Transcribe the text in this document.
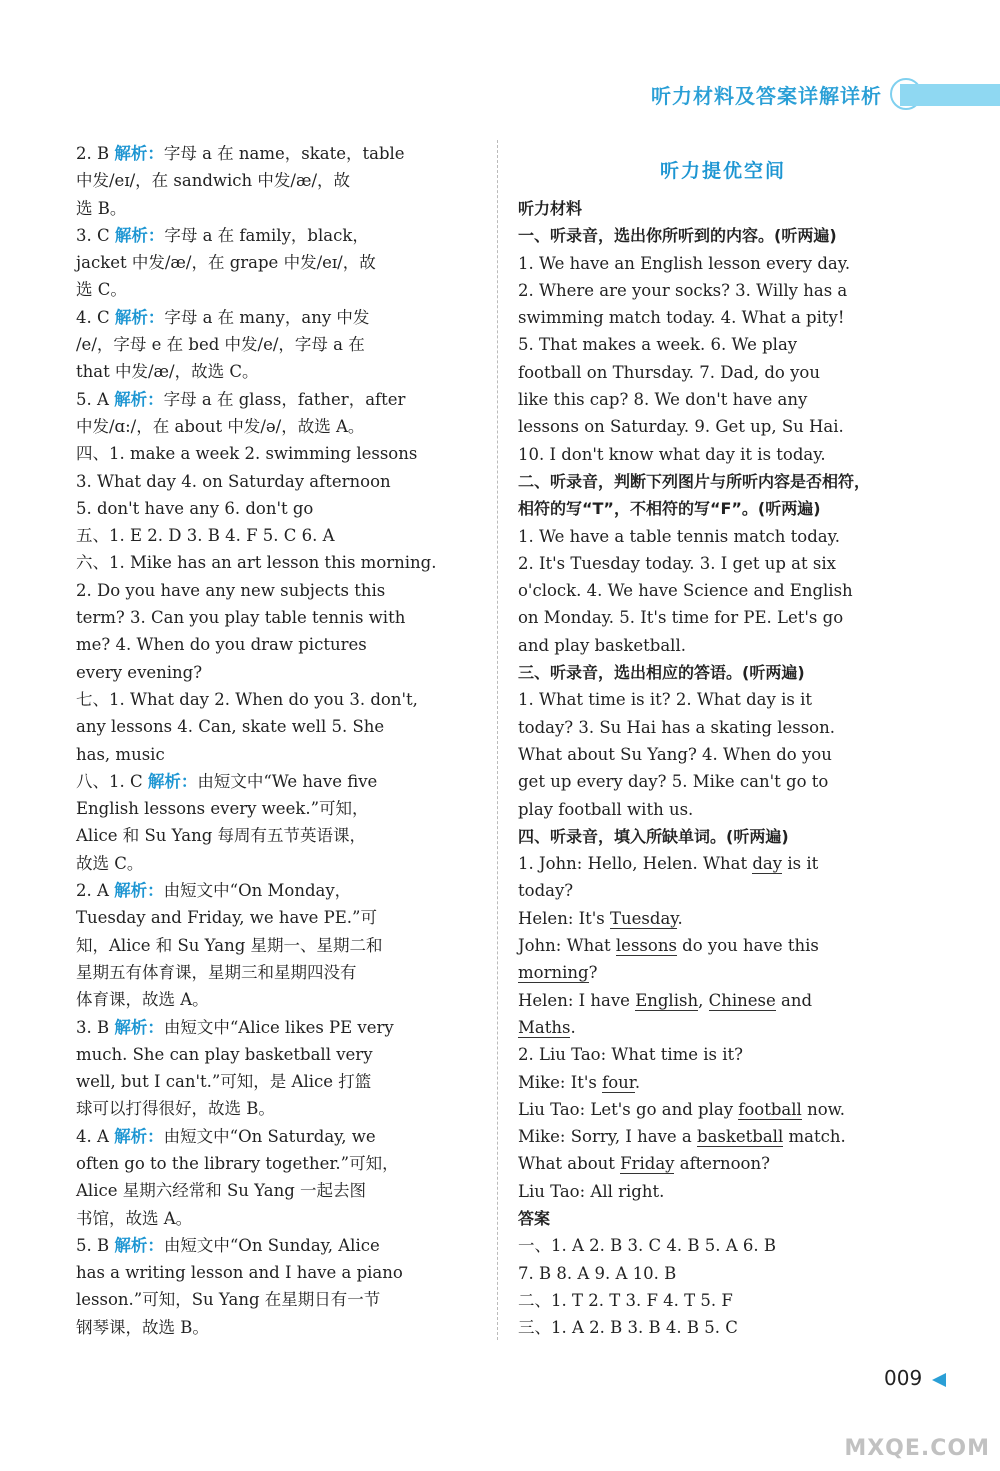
听力材料及答案详解详析
2. B 解析：字母 a 在 name，skate，table
中发/eɪ/，在 sandwich 中发/æ/，故
选 B。
3. C 解析：字母 a 在 family，black，
jacket 中发/æ/，在 grape 中发/eɪ/，故
选 C。
4. C 解析：字母 a 在 many，any 中发
/e/，字母 e 在 bed 中发/e/，字母 a 在
that 中发/æ/，故选 C。
5. A 解析：字母 a 在 glass，father，after
中发/ɑ:/，在 about 中发/ə/，故选 A。
四、1. make a week 2. swimming lessons
3. What day 4. on Saturday afternoon
5. don't have any 6. don't go
五、1. E 2. D 3. B 4. F 5. C 6. A
六、1. Mike has an art lesson this morning.
2. Do you have any new subjects this
term? 3. Can you play table tennis with
me? 4. When do you draw pictures
every evening?
七、1. What day 2. When do you 3. don't,
any lessons 4. Can, skate well 5. She
has, music
八、1. C 解析：由短文中“We have five
English lessons every week.”可知，
Alice 和 Su Yang 每周有五节英语课，
故选 C。
2. A 解析：由短文中“On Monday，
Tuesday and Friday, we have PE.”可
知，Alice 和 Su Yang 星期一、星期二和
星期五有体育课，星期三和星期四没有
体育课，故选 A。
3. B 解析：由短文中“Alice likes PE very
much. She can play basketball very
well, but I can't.”可知，是 Alice 打篮
球可以打得很好，故选 B。
4. A 解析：由短文中“On Saturday, we
often go to the library together.”可知，
Alice 星期六经常和 Su Yang 一起去图
书馆，故选 A。
5. B 解析：由短文中“On Sunday, Alice
has a writing lesson and I have a piano
lesson.”可知，Su Yang 在星期日有一节
钢琴课，故选 B。
听力提优空间
听力材料
一、听录音，选出你所听到的内容。(听两遍)
1. We have an English lesson every day.
2. Where are your socks? 3. Willy has a
swimming match today. 4. What a pity!
5. That makes a week. 6. We play
football on Thursday. 7. Dad, do you
like this cap? 8. We don't have any
lessons on Saturday. 9. Get up, Su Hai.
10. I don't know what day it is today.
二、听录音，判断下列图片与所听内容是否相符，
相符的写“T”，不相符的写“F”。(听两遍)
1. We have a table tennis match today.
2. It's Tuesday today. 3. I get up at six
o'clock. 4. We have Science and English
on Monday. 5. It's time for PE. Let's go
and play basketball.
三、听录音，选出相应的答语。(听两遍)
1. What time is it? 2. What day is it
today? 3. Su Hai has a skating lesson.
What about Su Yang? 4. When do you
get up every day? 5. Mike can't go to
play football with us.
四、听录音，填入所缺单词。(听两遍)
1. John: Hello, Helen. What day is it
today?
Helen: It's Tuesday.
John: What lessons do you have this
morning?
Helen: I have English, Chinese and
Maths.
2. Liu Tao: What time is it?
Mike: It's four.
Liu Tao: Let's go and play football now.
Mike: Sorry, I have a basketball match.
What about Friday afternoon?
Liu Tao: All right.
答案
一、1. A 2. B 3. C 4. B 5. A 6. B
7. B 8. A 9. A 10. B
二、1. T 2. T 3. F 4. T 5. F
三、1. A 2. B 3. B 4. B 5. C
009
MXQE.COM
